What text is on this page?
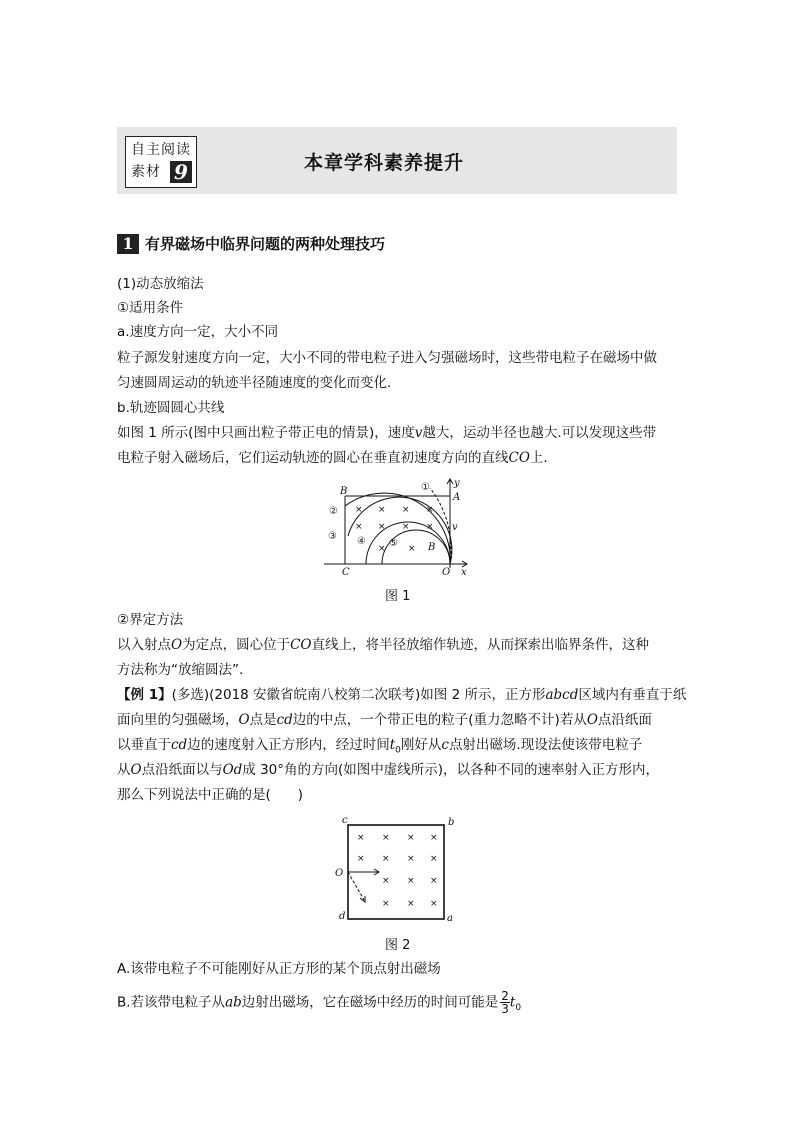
自主阅读
素材 9	本章学科素养提升
1 有界磁场中临界问题的两种处理技巧
(1)动态放缩法
①适用条件
a.速度方向一定，大小不同
粒子源发射速度方向一定，大小不同的带电粒子进入匀强磁场时，这些带电粒子在磁场中做
匀速圆周运动的轨迹半径随速度的变化而变化.
b.轨迹圆圆心共线
如图 1 所示(图中只画出粒子带正电的情景)，速度v越大，运动半径也越大.可以发现这些带
电粒子射入磁场后，它们运动轨迹的圆心在垂直初速度方向的直线CO上.
B
A
y
C	O x
v
B
①
②
③ ④ ⑤
× × × ×
× × × ×
× ×
图 1
②界定方法
以入射点O为定点，圆心位于CO直线上，将半径放缩作轨迹，从而探索出临界条件，这种
方法称为“放缩圆法”.
【例 1】(多选)(2018 安徽省皖南八校第二次联考)如图 2 所示，正方形abcd区域内有垂直于纸
面向里的匀强磁场，O点是cd边的中点，一个带正电的粒子(重力忽略不计)若从O点沿纸面
以垂直于cd边的速度射入正方形内，经过时间$t_0$刚好从c点射出磁场.现设法使该带电粒子
从O点沿纸面以与Od成 30°角的方向(如图中虚线所示)，以各种不同的速率射入正方形内，
那么下列说法中正确的是(　　)
c	b
O
d	a
× × × ×
× × × ×
× × ×
× × ×
图 2
A.该带电粒子不可能刚好从正方形的某个顶点射出磁场
B.若该带电粒子从ab边射出磁场，它在磁场中经历的时间可能是 $\frac{2}{3} t_0$
